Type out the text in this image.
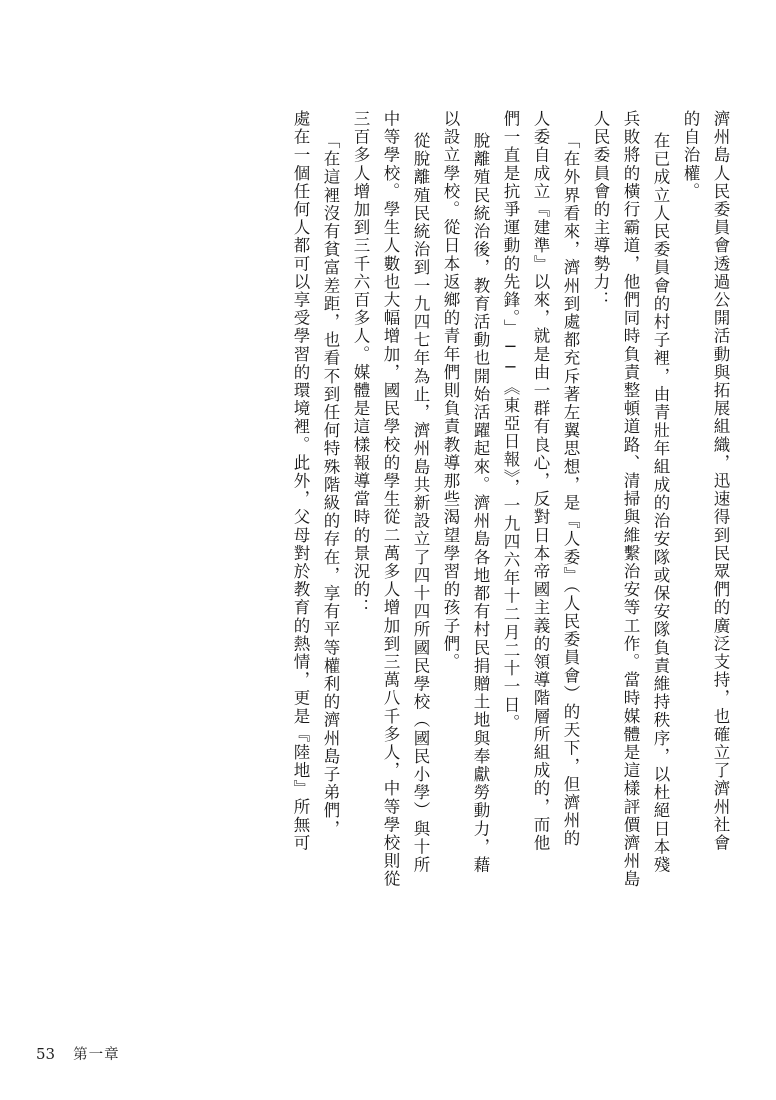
濟州島人民委員會透過公開活動與拓展組織，迅速得到民眾們的廣泛支持，也確立了濟州社會
的自治權。
在已成立人民委員會的村子裡，由青壯年組成的治安隊或保安隊負責維持秩序，以杜絕日本殘
兵敗將的橫行霸道，他們同時負責整頓道路、清掃與維繫治安等工作。當時媒體是這樣評價濟州島
人民委員會的主導勢力：
「在外界看來，濟州到處都充斥著左翼思想，是『人委』（人民委員會）的天下，但濟州的
人委自成立『建準』以來，就是由一群有良心，反對日本帝國主義的領導階層所組成的，而他
們一直是抗爭運動的先鋒。」──《東亞日報》，一九四六年十二月二十一日。
脫離殖民統治後，教育活動也開始活躍起來。濟州島各地都有村民捐贈土地與奉獻勞動力，藉
以設立學校。從日本返鄉的青年們則負責教導那些渴望學習的孩子們。
從脫離殖民統治到一九四七年為止，濟州島共新設立了四十四所國民學校（國民小學）與十所
中等學校。學生人數也大幅增加，國民學校的學生從二萬多人增加到三萬八千多人，中等學校則從
三百多人增加到三千六百多人。媒體是這樣報導當時的景況的：
「在這裡沒有貧富差距，也看不到任何特殊階級的存在，享有平等權利的濟州島子弟們，
處在一個任何人都可以享受學習的環境裡。此外，父母對於教育的熱情，更是『陸地』所無可
53 第一章
